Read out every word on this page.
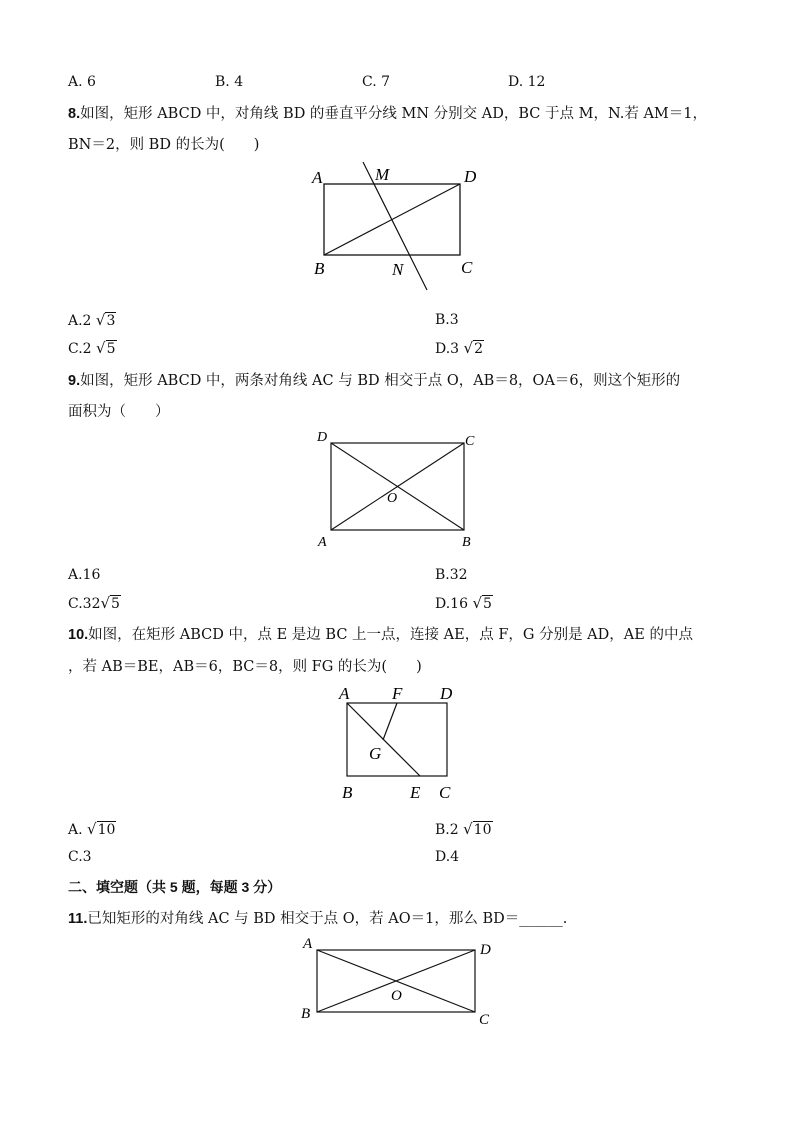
A. 6	B. 4	C. 7	D. 12
8.如图，矩形 ABCD 中，对角线 BD 的垂直平分线 MN 分别交 AD，BC 于点 M，N.若 AM＝1，
BN＝2，则 BD 的长为(　　)
A	M	D
B	N	C
A.2 √3	B.3
C.2 √5	D.3 √2
9.如图，矩形 ABCD 中，两条对角线 AC 与 BD 相交于点 O，AB＝8，OA＝6，则这个矩形的
面积为（　　）
D	C
O
A	B
A.16	B.32
C.32√5	D.16 √5
10.如图，在矩形 ABCD 中，点 E 是边 BC 上一点，连接 AE，点 F，G 分别是 AD，AE 的中点
，若 AB＝BE，AB＝6，BC＝8，则 FG 的长为(　　)
A	F D
G
B	E C
A. √10	B.2 √10
C.3	D.4
二、填空题（共 5 题，每题 3 分）
11.已知矩形的对角线 AC 与 BD 相交于点 O，若 AO＝1，那么 BD＝______.
A	D
O
B	C
